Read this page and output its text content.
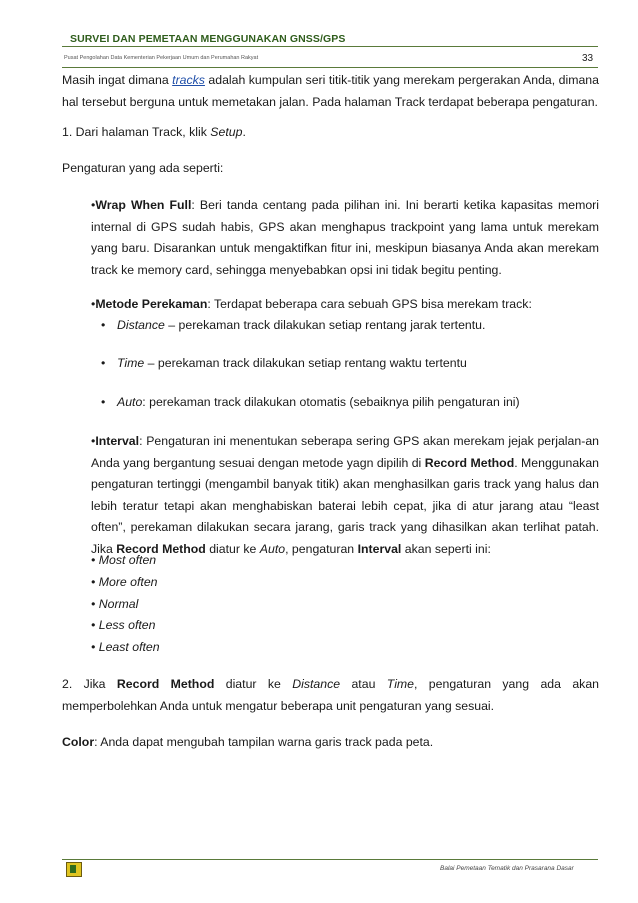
SURVEI DAN PEMETAAN MENGGUNAKAN GNSS/GPS
Pusat Pengolahan Data Kementerian Pekerjaan Umum dan Perumahan Rakyat	33

Masih ingat dimana tracks adalah kumpulan seri titik-titik yang merekam pergerakan Anda, dimana hal tersebut berguna untuk memetakan jalan. Pada halaman Track terdapat beberapa pengaturan.

1. Dari halaman Track, klik Setup.

Pengaturan yang ada seperti:

•Wrap When Full: Beri tanda centang pada pilihan ini. Ini berarti ketika kapasitas memori internal di GPS sudah habis, GPS akan menghapus trackpoint yang lama untuk merekam yang baru. Disarankan untuk mengaktifkan fitur ini, meskipun biasanya Anda akan merekam track ke memory card, sehingga menyebabkan opsi ini tidak begitu penting.

•Metode Perekaman: Terdapat beberapa cara sebuah GPS bisa merekam track:

• Distance – perekaman track dilakukan setiap rentang jarak tertentu.

• Time – perekaman track dilakukan setiap rentang waktu tertentu

• Auto: perekaman track dilakukan otomatis (sebaiknya pilih pengaturan ini)

•Interval: Pengaturan ini menentukan seberapa sering GPS akan merekam jejak perjalan-an Anda yang bergantung sesuai dengan metode yagn dipilih di Record Method. Menggunakan pengaturan tertinggi (mengambil banyak titik) akan menghasilkan garis track yang halus dan lebih teratur tetapi akan menghabiskan baterai lebih cepat, jika di atur jarang atau “least often”, perekaman dilakukan secara jarang, garis track yang dihasilkan akan terlihat patah. Jika Record Method diatur ke Auto, pengaturan Interval akan seperti ini:

• Most often

• More often

• Normal

• Less often

• Least often

2. Jika Record Method diatur ke Distance atau Time, pengaturan yang ada akan memperbolehkan Anda untuk mengatur beberapa unit pengaturan yang sesuai.

Color: Anda dapat mengubah tampilan warna garis track pada peta.

Balai Pemetaan Tematik dan Prasarana Dasar
